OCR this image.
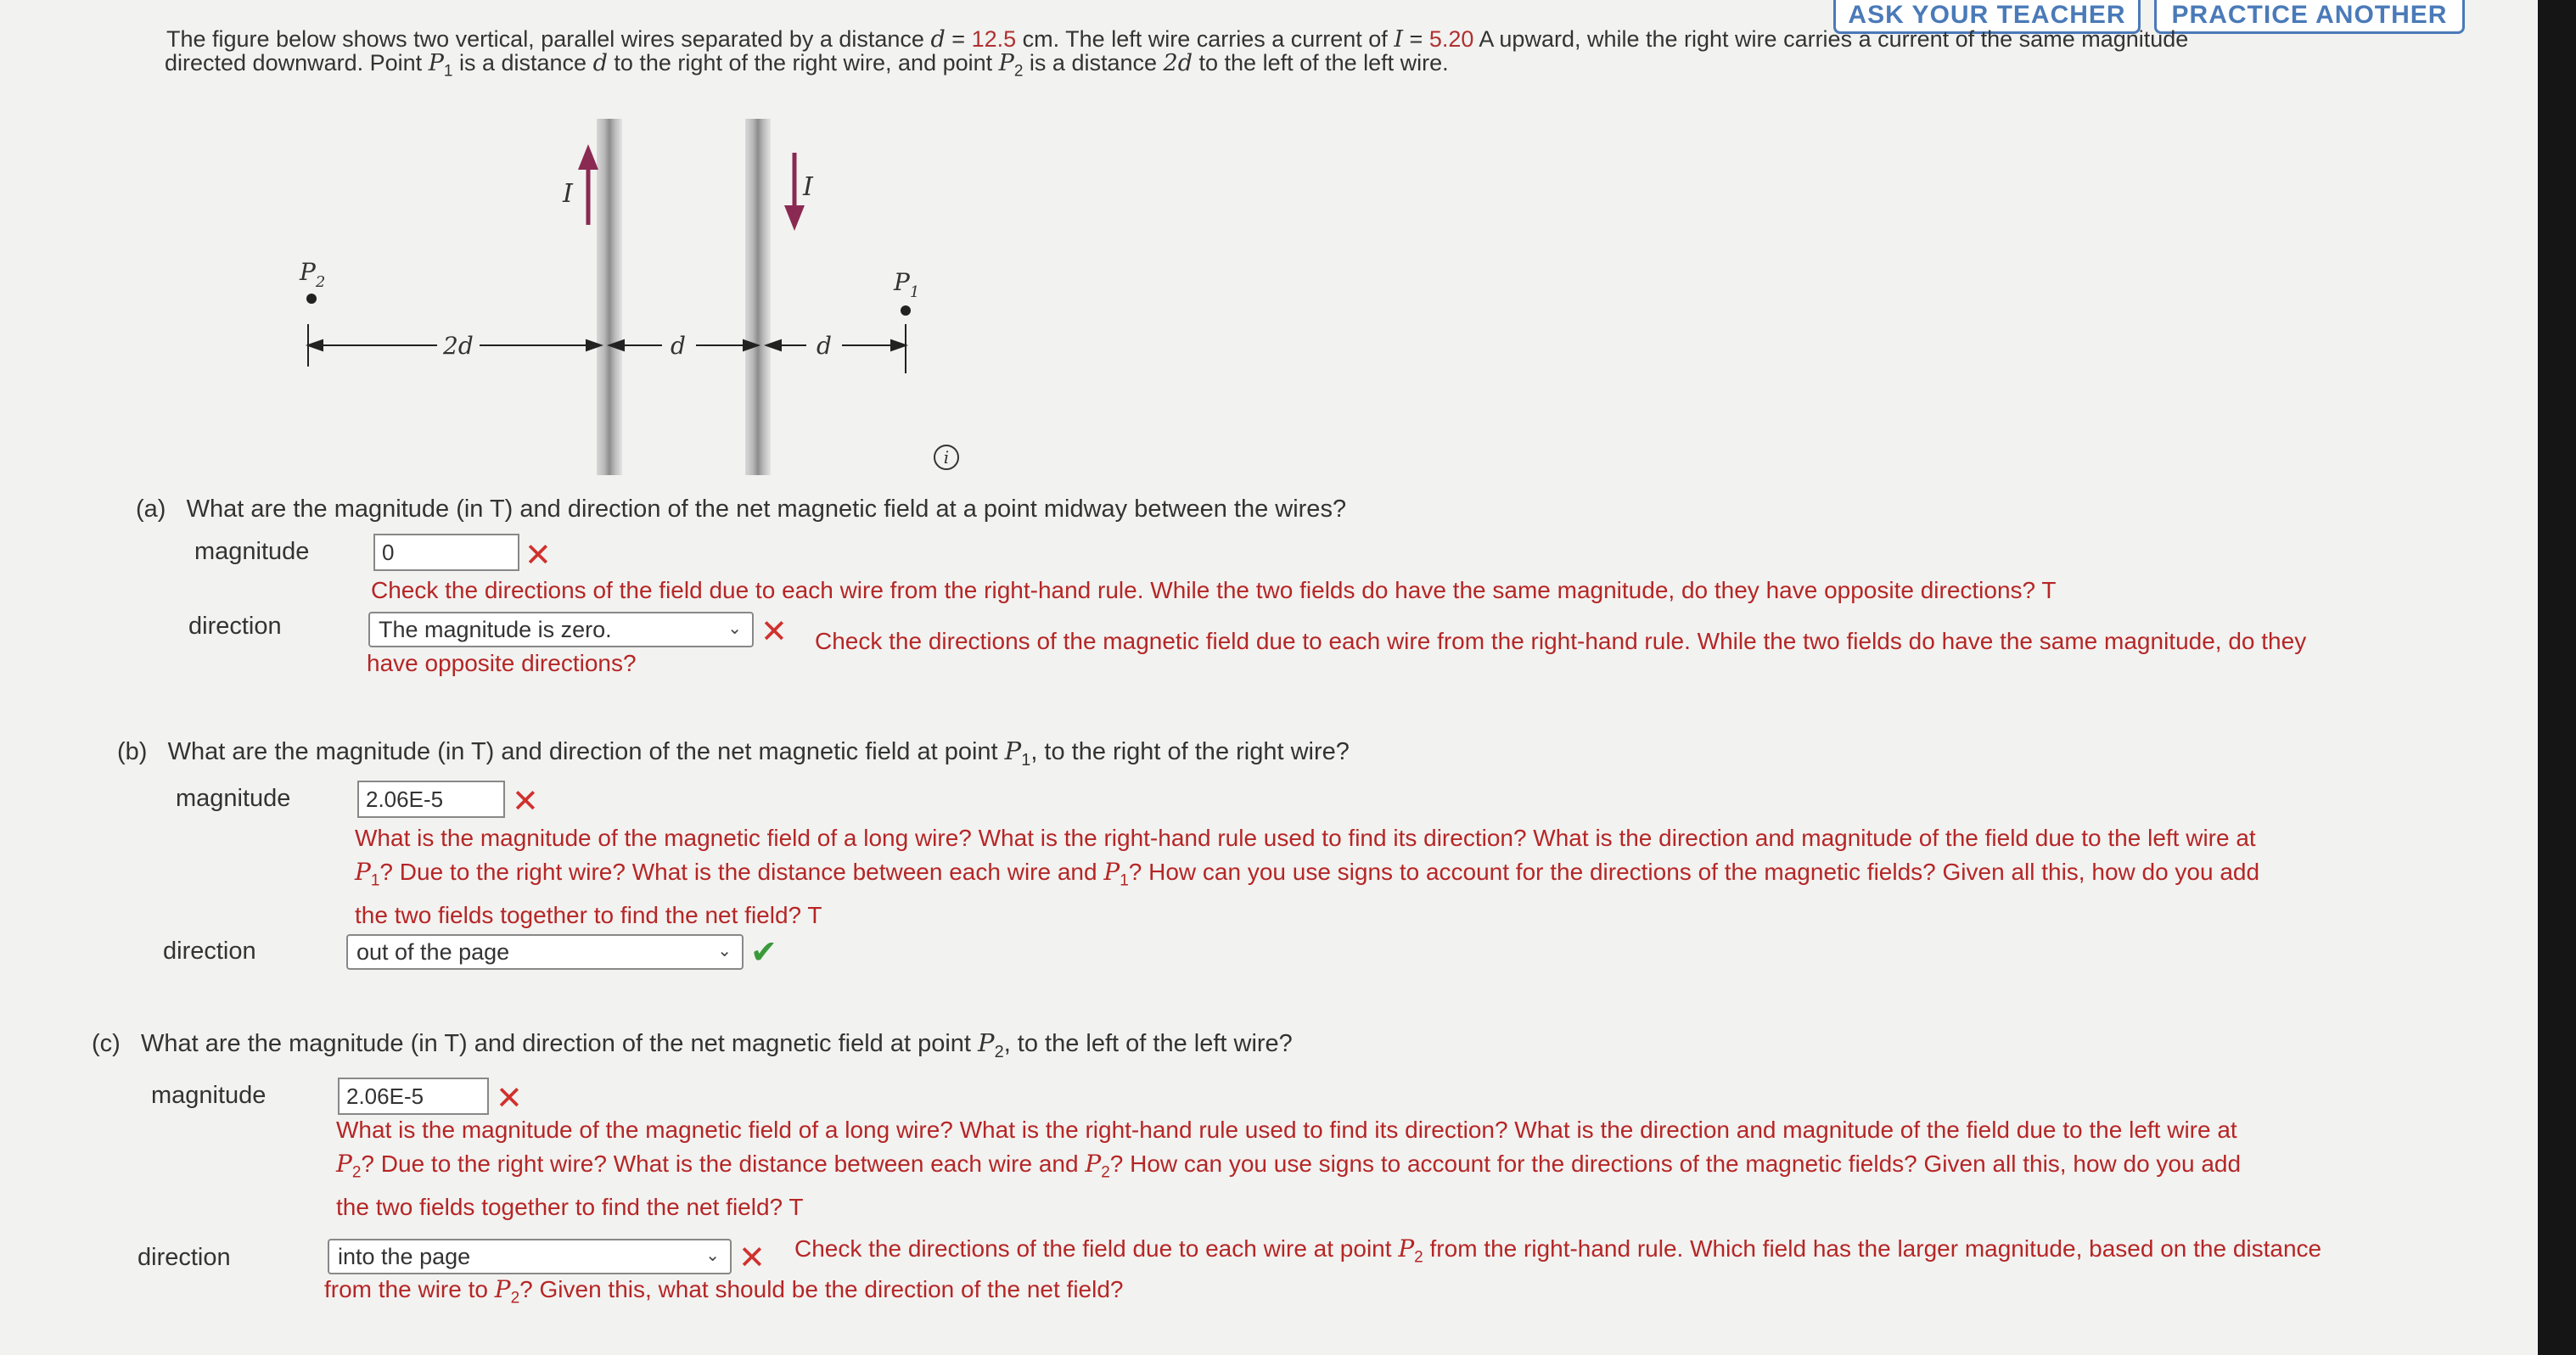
ASK YOUR TEACHER PRACTICE ANOTHER
The figure below shows two vertical, parallel wires separated by a distance d = 12.5 cm. The left wire carries a current of I = 5.20 A upward, while the right wire carries a current of the same magnitude
directed downward. Point $P_1$ is a distance d to the right of the right wire, and point $P_2$ is a distance 2d to the left of the left wire.
I	I
$P_2$	$P_1$
2d	d	d
i
(a) What are the magnitude (in T) and direction of the net magnetic field at a point midway between the wires?
magnitude	0	✕
Check the directions of the field due to each wire from the right-hand rule. While the two fields do have the same magnitude, do they have opposite directions? T
direction	The magnitude is zero.	⌄ ✕ Check the directions of the magnetic field due to each wire from the right-hand rule. While the two fields do have the same magnitude, do they
have opposite directions?
(b) What are the magnitude (in T) and direction of the net magnetic field at point $P_1$, to the right of the right wire?
magnitude	2.06E-5	✕
What is the magnitude of the magnetic field of a long wire? What is the right-hand rule used to find its direction? What is the direction and magnitude of the field due to the left wire at
$P_1$? Due to the right wire? What is the distance between each wire and $P_1$? How can you use signs to account for the directions of the magnetic fields? Given all this, how do you add
the two fields together to find the net field? T
direction	out of the page	⌄ ✔
(c) What are the magnitude (in T) and direction of the net magnetic field at point $P_2$, to the left of the left wire?
magnitude	2.06E-5	✕
What is the magnitude of the magnetic field of a long wire? What is the right-hand rule used to find its direction? What is the direction and magnitude of the field due to the left wire at
$P_2$? Due to the right wire? What is the distance between each wire and $P_2$? How can you use signs to account for the directions of the magnetic fields? Given all this, how do you add
the two fields together to find the net field? T
direction	into the page	⌄ ✕ Check the directions of the field due to each wire at point $P_2$ from the right-hand rule. Which field has the larger magnitude, based on the distance
from the wire to $P_2$? Given this, what should be the direction of the net field?
